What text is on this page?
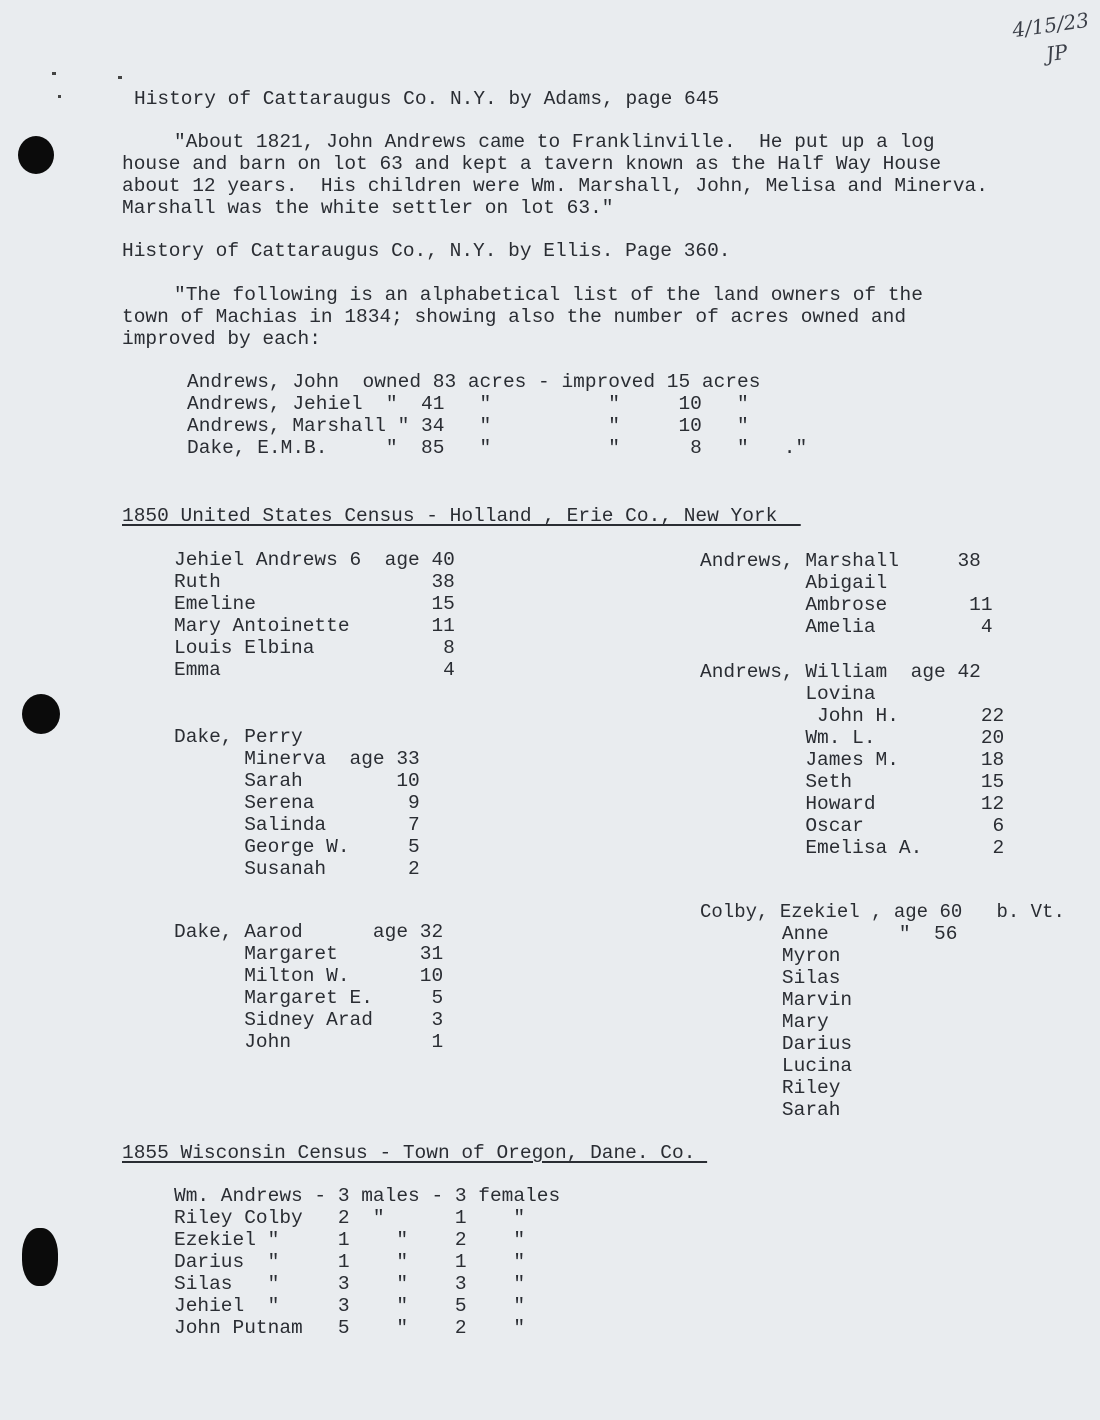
4/15/23
JP
History of Cattaraugus Co. N.Y. by Adams, page 645
"About 1821, John Andrews came to Franklinville.  He put up a log
house and barn on lot 63 and kept a tavern known as the Half Way House
about 12 years.  His children were Wm. Marshall, John, Melisa and Minerva.
Marshall was the white settler on lot 63."
History of Cattaraugus Co., N.Y. by Ellis. Page 360.
"The following is an alphabetical list of the land owners of the
town of Machias in 1834; showing also the number of acres owned and
improved by each:
Andrews, John  owned 83 acres - improved 15 acres
Andrews, Jehiel  "  41   "          "     10   "
Andrews, Marshall " 34   "          "     10   "
Dake, E.M.B.     "  85   "          "      8   "   ."
1850 United States Census - Holland , Erie Co., New York
Jehiel Andrews 6  age 40
Ruth                  38
Emeline               15
Mary Antoinette       11
Louis Elbina           8
Emma                   4
Dake, Perry
Minerva  age 33
Sarah        10
Serena        9
Salinda       7
George W.     5
Susanah       2
Dake, Aarod      age 32
Margaret       31
Milton W.      10
Margaret E.     5
Sidney Arad     3
John            1
Andrews, Marshall     38
Abigail
Ambrose       11
Amelia         4
Andrews, William  age 42
Lovina
John H.       22
Wm. L.         20
James M.       18
Seth           15
Howard         12
Oscar           6
Emelisa A.      2
Colby, Ezekiel , age 60   b. Vt.
Anne      "  56
Myron
Silas
Marvin
Mary
Darius
Lucina
Riley
Sarah
1855 Wisconsin Census - Town of Oregon, Dane. Co.
Wm. Andrews - 3 males - 3 females
Riley Colby   2  "      1    "
Ezekiel "     1    "    2    "
Darius  "     1    "    1    "
Silas   "     3    "    3    "
Jehiel  "     3    "    5    "
John Putnam   5    "    2    "
